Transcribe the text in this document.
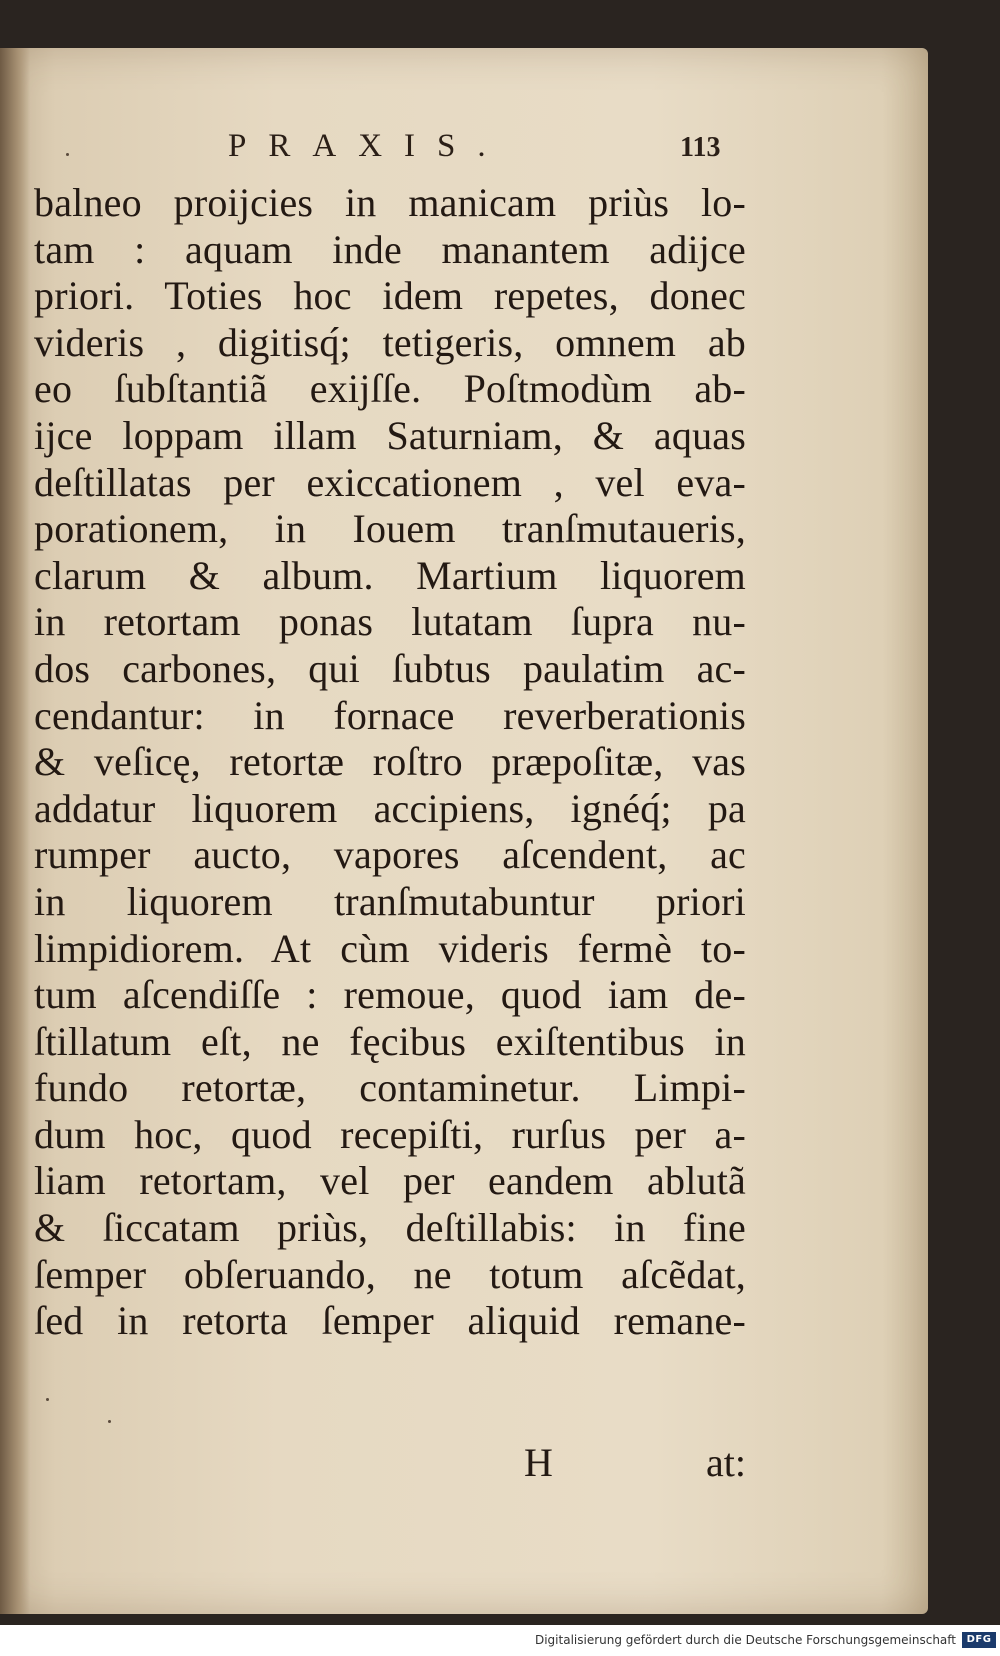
PRAXIS.	113
balneo proijcies in manicam priùs lo-
tam : aquam inde manantem adijce
priori. Toties hoc idem repetes, donec
videris , digitisq́; tetigeris, omnem ab
eo ſubſtantiã exijſſe. Poſtmodùm ab-
ijce loppam illam Saturniam, & aquas
deſtillatas per exiccationem , vel eva-
porationem, in Iouem tranſmutaueris,
clarum & album. Martium liquorem
in retortam ponas lutatam ſupra nu-
dos carbones, qui ſubtus paulatim ac-
cendantur: in fornace reverberationis
& veſicę, retortæ roſtro præpoſitæ, vas
addatur liquorem accipiens, ignéq́; pa
rumper aucto, vapores aſcendent, ac
in liquorem tranſmutabuntur priori
limpidiorem. At cùm videris fermè to-
tum aſcendiſſe : remoue, quod iam de-
ſtillatum eſt, ne fęcibus exiſtentibus in
fundo retortæ, contaminetur. Limpi-
dum hoc, quod recepiſti, rurſus per a-
liam retortam, vel per eandem ablutã
& ſiccatam priùs, deſtillabis: in fine
ſemper obſeruando, ne totum aſcẽdat,
ſed in retorta ſemper aliquid remane-
H	at:
Digitalisierung gefördert durch die Deutsche Forschungsgemeinschaft	DFG
